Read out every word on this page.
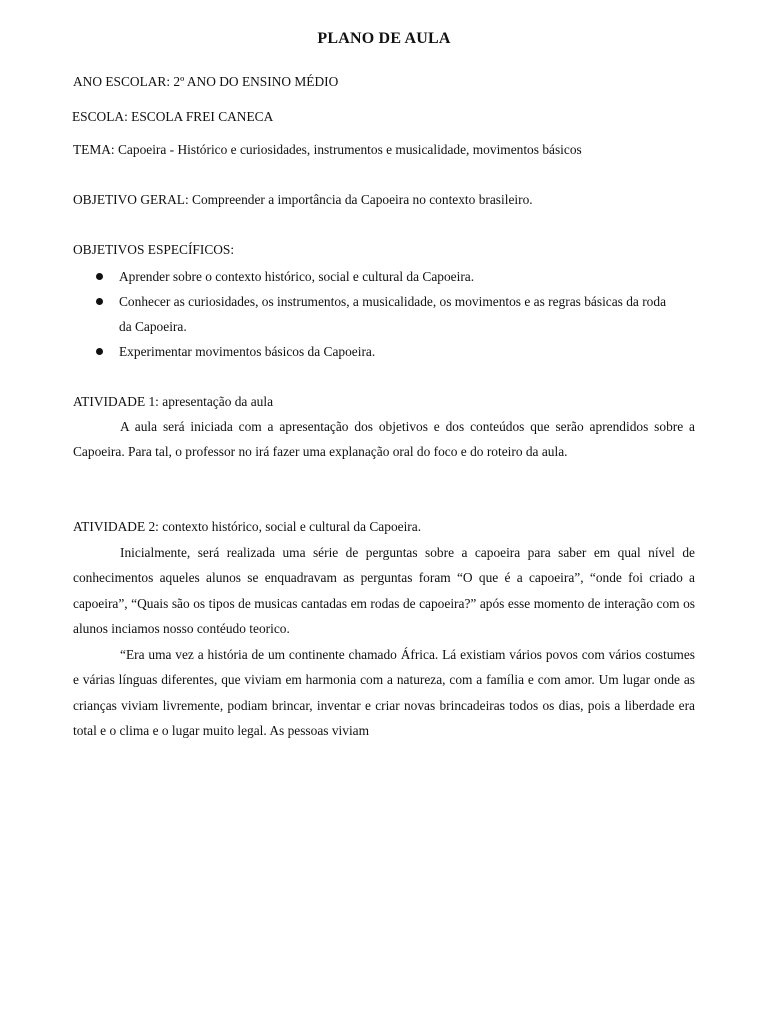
PLANO DE AULA
ANO ESCOLAR: 2º ANO DO ENSINO MÉDIO
ESCOLA: ESCOLA FREI CANECA
TEMA: Capoeira - Histórico e curiosidades, instrumentos e musicalidade, movimentos básicos
OBJETIVO GERAL: Compreender a importância da Capoeira no contexto brasileiro.
OBJETIVOS ESPECÍFICOS:
Aprender sobre o contexto histórico, social e cultural da Capoeira.
Conhecer as curiosidades, os instrumentos, a musicalidade, os movimentos e as regras básicas da roda da Capoeira.
Experimentar movimentos básicos da Capoeira.
ATIVIDADE 1: apresentação da aula
A aula será iniciada com a apresentação dos objetivos e dos conteúdos que serão aprendidos sobre a Capoeira. Para tal, o professor no irá fazer uma explanação oral do foco e do roteiro da aula.
ATIVIDADE 2: contexto histórico, social e cultural da Capoeira.
Inicialmente, será realizada uma série de perguntas sobre a capoeira para saber em qual nível de conhecimentos aqueles alunos se enquadravam as perguntas foram “O que é a capoeira”, “onde foi criado a capoeira”, “Quais são os tipos de musicas cantadas em rodas de capoeira?” após esse momento de interação com os alunos inciamos nosso contéudo teorico.
“Era uma vez a história de um continente chamado África. Lá existiam vários povos com vários costumes e várias línguas diferentes, que viviam em harmonia com a natureza, com a família e com amor. Um lugar onde as crianças viviam livremente, podiam brincar, inventar e criar novas brincadeiras todos os dias, pois a liberdade era total e o clima e o lugar muito legal. As pessoas viviam
